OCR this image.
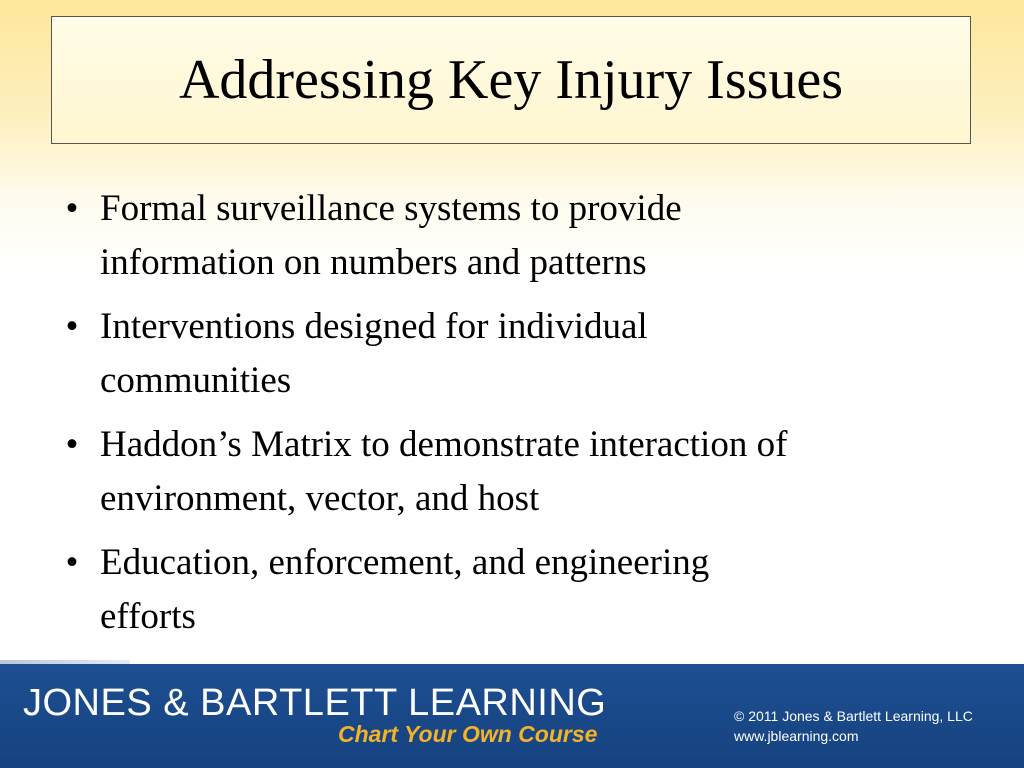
Addressing Key Injury Issues
• Formal surveillance systems to provide
information on numbers and patterns
• Interventions designed for individual
communities
• Haddon’s Matrix to demonstrate interaction of
environment, vector, and host
• Education, enforcement, and engineering
efforts
JONES & BARTLETT LEARNING
Chart Your Own Course
© 2011 Jones & Bartlett Learning, LLC
www.jblearning.com
